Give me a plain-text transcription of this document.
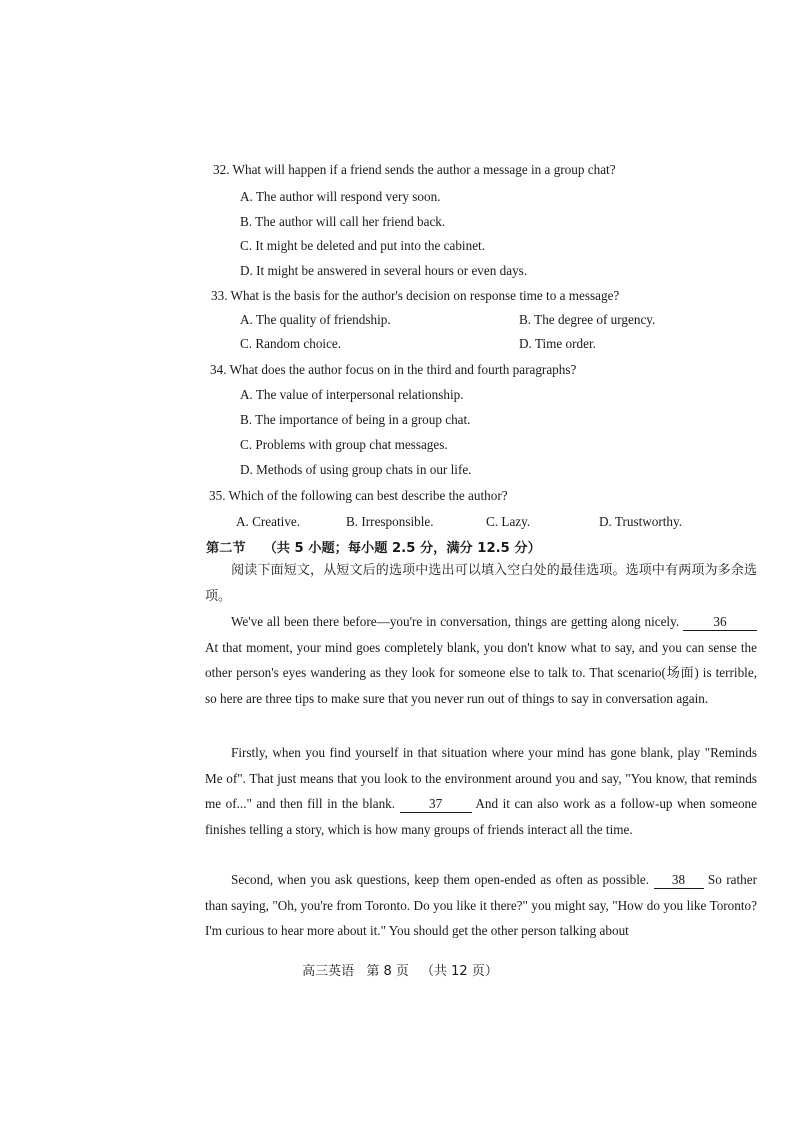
32. What will happen if a friend sends the author a message in a group chat?
A. The author will respond very soon.
B. The author will call her friend back.
C. It might be deleted and put into the cabinet.
D. It might be answered in several hours or even days.
33. What is the basis for the author's decision on response time to a message?
A. The quality of friendship.	B. The degree of urgency.
C. Random choice.	D. Time order.
34. What does the author focus on in the third and fourth paragraphs?
A. The value of interpersonal relationship.
B. The importance of being in a group chat.
C. Problems with group chat messages.
D. Methods of using group chats in our life.
35. Which of the following can best describe the author?
A. Creative.	B. Irresponsible.	C. Lazy.	D. Trustworthy.
第二节 （共 5 小题；每小题 2.5 分，满分 12.5 分）
阅读下面短文，从短文后的选项中选出可以填入空白处的最佳选项。选项中有两项为多余选项。
We've all been there before—you're in conversation, things are getting along nicely.	36 At that moment, your mind goes completely blank, you don't know what to say, and you can sense the other person's eyes wandering as they look for someone else to talk to. That scenario(场面) is terrible, so here are three tips to make sure that you never run out of things to say in conversation again.
Firstly, when you find yourself in that situation where your mind has gone blank, play "Reminds Me of". That just means that you look to the environment around you and say, "You know, that reminds me of..." and then fill in the blank.	37	And it can also work as a follow-up when someone finishes telling a story, which is how many groups of friends interact all the time.
Second, when you ask questions, keep them open-ended as often as possible. 38 So rather than saying, "Oh, you're from Toronto. Do you like it there?" you might say, "How do you like Toronto? I'm curious to hear more about it." You should get the other person talking about
高三英语 第 8 页 （共 12 页）
